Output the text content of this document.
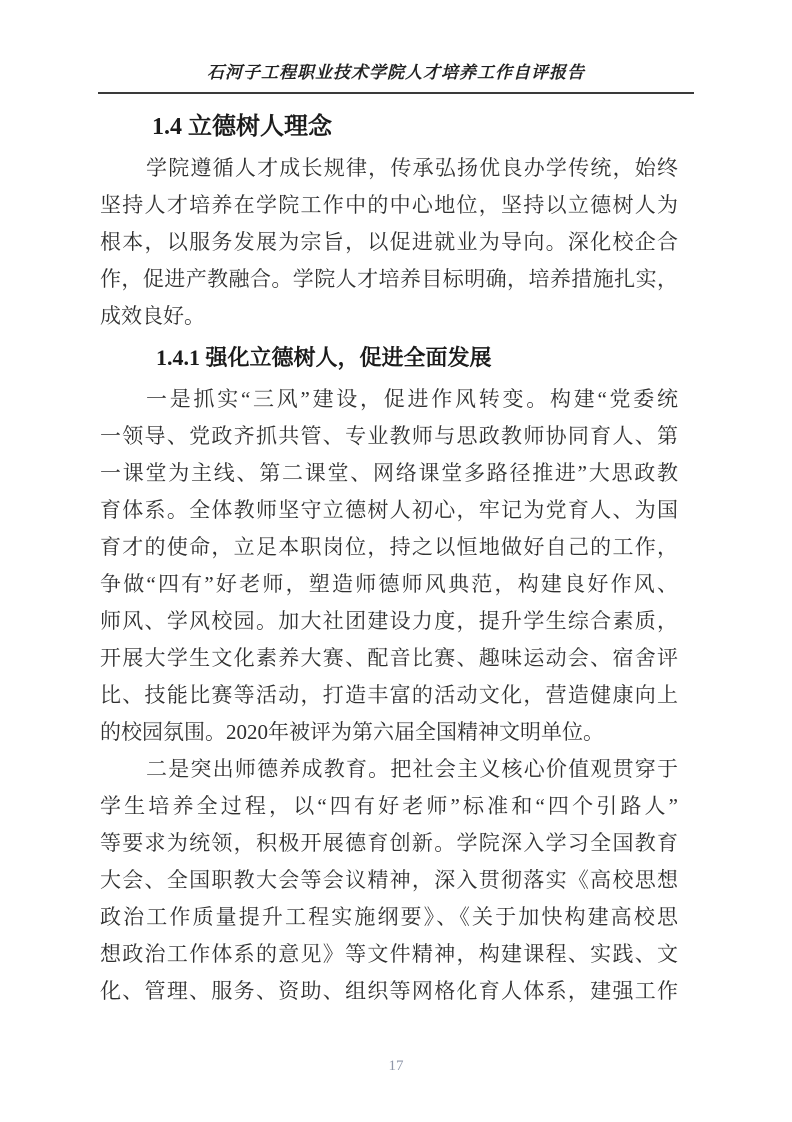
石河子工程职业技术学院人才培养工作自评报告
1.4 立德树人理念
学院遵循人才成长规律，传承弘扬优良办学传统，始终
坚持人才培养在学院工作中的中心地位，坚持以立德树人为
根本，以服务发展为宗旨，以促进就业为导向。深化校企合
作，促进产教融合。学院人才培养目标明确，培养措施扎实，
成效良好。
1.4.1 强化立德树人，促进全面发展
一是抓实“三风”建设，促进作风转变。构建“党委统
一领导、党政齐抓共管、专业教师与思政教师协同育人、第
一课堂为主线、第二课堂、网络课堂多路径推进”大思政教
育体系。全体教师坚守立德树人初心，牢记为党育人、为国
育才的使命，立足本职岗位，持之以恒地做好自己的工作，
争做“四有”好老师，塑造师德师风典范，构建良好作风、
师风、学风校园。加大社团建设力度，提升学生综合素质，
开展大学生文化素养大赛、配音比赛、趣味运动会、宿舍评
比、技能比赛等活动，打造丰富的活动文化，营造健康向上
的校园氛围。2020年被评为第六届全国精神文明单位。
二是突出师德养成教育。把社会主义核心价值观贯穿于
学生培养全过程，以“四有好老师”标准和“四个引路人”
等要求为统领，积极开展德育创新。学院深入学习全国教育
大会、全国职教大会等会议精神，深入贯彻落实《高校思想
政治工作质量提升工程实施纲要》、《关于加快构建高校思
想政治工作体系的意见》等文件精神，构建课程、实践、文
化、管理、服务、资助、组织等网格化育人体系，建强工作
17
